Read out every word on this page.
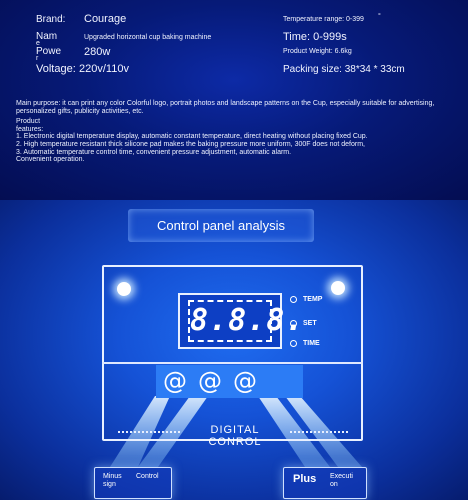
Brand: Courage
Nam
e
Upgraded horizontal cup baking machine
Powe
r
280w
Voltage: 220v/110v
Temperature range: 0-399 °
Time: 0-999s
Product Weight: 6.6kg
Packing size: 38*34 * 33cm

Main purpose: it can print any color Colorful logo, portrait photos and landscape patterns on the Cup, especially suitable for advertising, personalized gifts, publicity activities, etc.

Product

features:

1. Electronic digital temperature display, automatic constant temperature, direct heating without placing fixed Cup.

2. High temperature resistant thick silicone pad makes the baking pressure more uniform, 300F does not deform,

3. Automatic temperature control time, convenient pressure adjustment, automatic alarm.

Convenient operation.

Control panel analysis
8.8.8.
TEMP
SET
TIME
@ @ @
DIGITAL CONROL
Minus
sign
Control	Plus Executi
on
